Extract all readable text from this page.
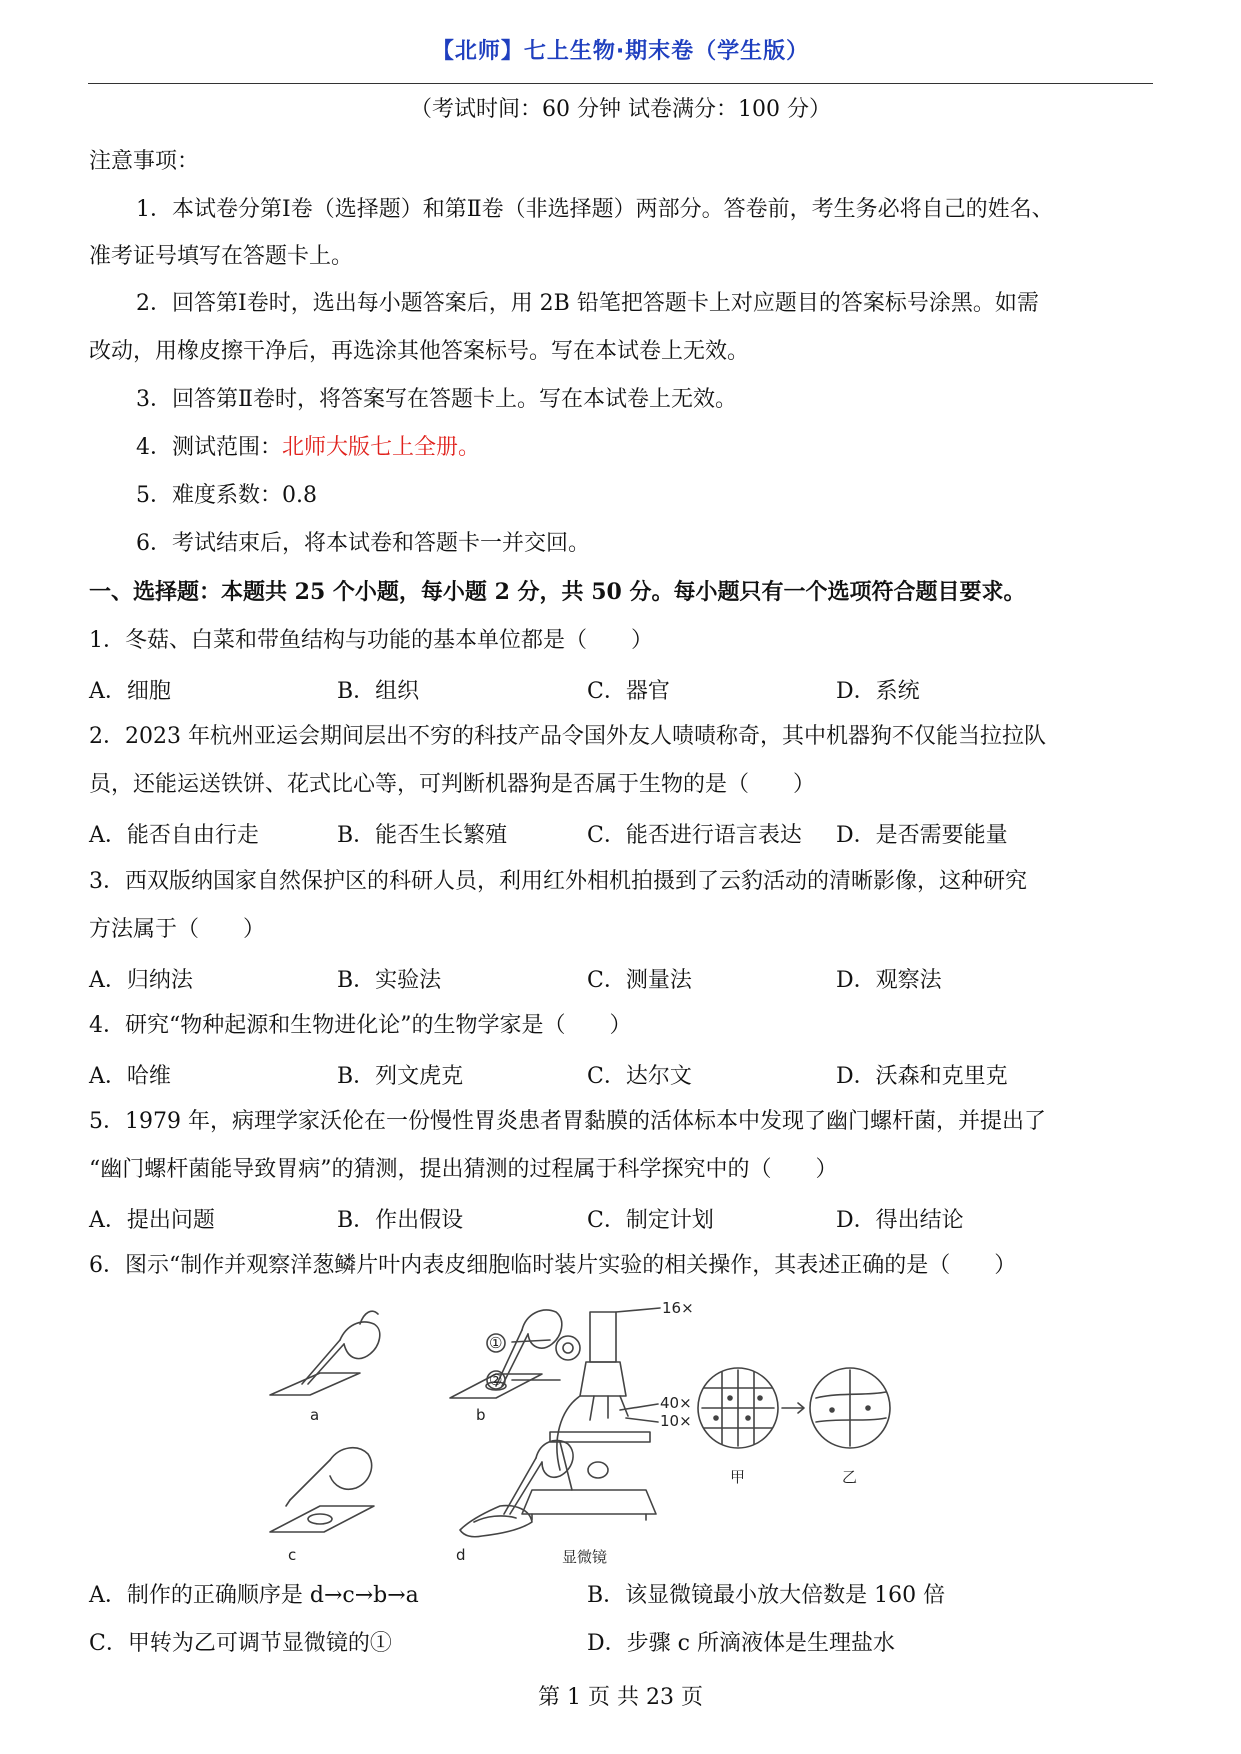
【北师】七上生物·期末卷（学生版）
（考试时间：60 分钟 试卷满分：100 分）
注意事项：
1．本试卷分第Ⅰ卷（选择题）和第Ⅱ卷（非选择题）两部分。答卷前，考生务必将自己的姓名、
准考证号填写在答题卡上。
2．回答第Ⅰ卷时，选出每小题答案后，用 2B 铅笔把答题卡上对应题目的答案标号涂黑。如需
改动，用橡皮擦干净后，再选涂其他答案标号。写在本试卷上无效。
3．回答第Ⅱ卷时，将答案写在答题卡上。写在本试卷上无效。
4．测试范围：北师大版七上全册。
5．难度系数：0.8
6．考试结束后，将本试卷和答题卡一并交回。
一、选择题：本题共 25 个小题，每小题 2 分，共 50 分。每小题只有一个选项符合题目要求。
1．冬菇、白菜和带鱼结构与功能的基本单位都是（　　）
A．细胞	B．组织	C．器官	D．系统
2．2023 年杭州亚运会期间层出不穷的科技产品令国外友人啧啧称奇，其中机器狗不仅能当拉拉队
员，还能运送铁饼、花式比心等，可判断机器狗是否属于生物的是（　　）
A．能否自由行走	B．能否生长繁殖	C．能否进行语言表达 D．是否需要能量
3．西双版纳国家自然保护区的科研人员，利用红外相机拍摄到了云豹活动的清晰影像，这种研究
方法属于（　　）
A．归纳法	B．实验法	C．测量法	D．观察法
4．研究“物种起源和生物进化论”的生物学家是（　　）
A．哈维	B．列文虎克	C．达尔文	D．沃森和克里克
5．1979 年，病理学家沃伦在一份慢性胃炎患者胃黏膜的活体标本中发现了幽门螺杆菌，并提出了
“幽门螺杆菌能导致胃病”的猜测，提出猜测的过程属于科学探究中的（　　）
A．提出问题	B．作出假设	C．制定计划	D．得出结论
6．图示“制作并观察洋葱鳞片叶内表皮细胞临时装片实验的相关操作，其表述正确的是（　　）
a	b
c	d
16×
①
②
40×
10×
显微镜
甲	乙
A．制作的正确顺序是 d→c→b→a	B．该显微镜最小放大倍数是 160 倍
C．甲转为乙可调节显微镜的①	D．步骤 c 所滴液体是生理盐水
第 1 页 共 23 页
